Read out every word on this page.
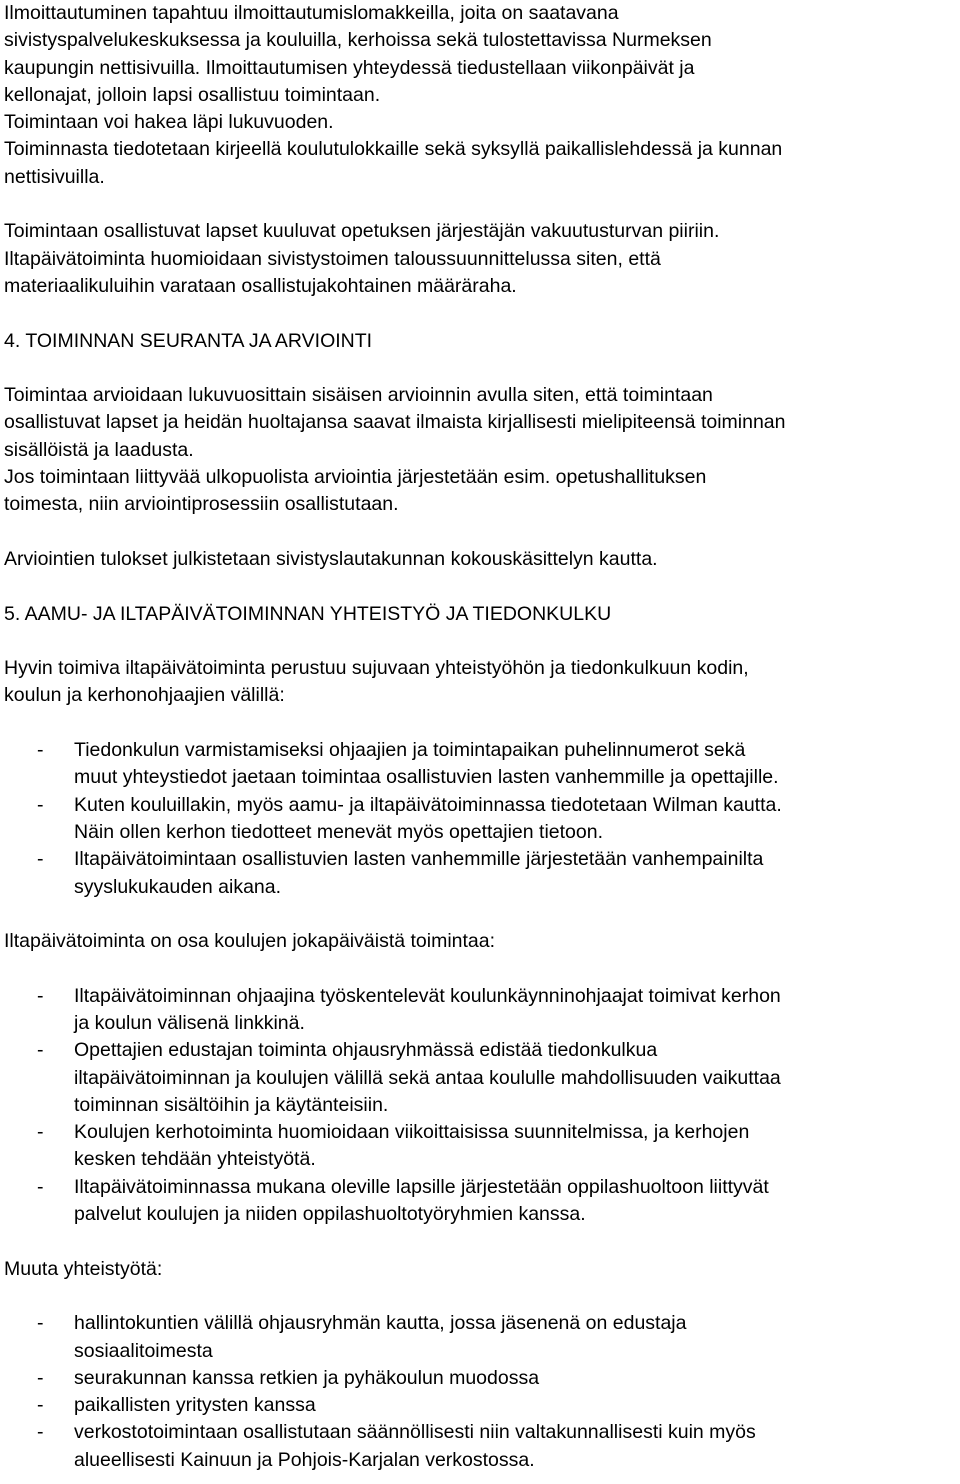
Ilmoittautuminen tapahtuu ilmoittautumislomakkeilla, joita on saatavana
sivistyspalvelukeskuksessa ja kouluilla, kerhoissa sekä tulostettavissa Nurmeksen
kaupungin nettisivuilla. Ilmoittautumisen yhteydessä tiedustellaan viikonpäivät ja
kellonajat, jolloin lapsi osallistuu toimintaan.
Toimintaan voi hakea läpi lukuvuoden.
Toiminnasta tiedotetaan kirjeellä koulutulokkaille sekä syksyllä paikallislehdessä ja kunnan
nettisivuilla.

Toimintaan osallistuvat lapset kuuluvat opetuksen järjestäjän vakuutusturvan piiriin.
Iltapäivätoiminta huomioidaan sivistystoimen taloussuunnittelussa siten, että
materiaalikuluihin varataan osallistujakohtainen määräraha.

4. TOIMINNAN SEURANTA JA ARVIOINTI

Toimintaa arvioidaan lukuvuosittain sisäisen arvioinnin avulla siten, että toimintaan
osallistuvat lapset ja heidän huoltajansa saavat ilmaista kirjallisesti mielipiteensä toiminnan
sisällöistä ja laadusta.
Jos toimintaan liittyvää ulkopuolista arviointia järjestetään esim. opetushallituksen
toimesta, niin arviointiprosessiin osallistutaan.

Arviointien tulokset julkistetaan sivistyslautakunnan kokouskäsittelyn kautta.

5. AAMU- JA ILTAPÄIVÄTOIMINNAN YHTEISTYÖ JA TIEDONKULKU

Hyvin toimiva iltapäivätoiminta perustuu sujuvaan yhteistyöhön ja tiedonkulkuun kodin,
koulun ja kerhonohjaajien välillä:

- Tiedonkulun varmistamiseksi ohjaajien ja toimintapaikan puhelinnumerot sekä
muut yhteystiedot jaetaan toimintaa osallistuvien lasten vanhemmille ja opettajille.
- Kuten kouluillakin, myös aamu- ja iltapäivätoiminnassa tiedotetaan Wilman kautta.
Näin ollen kerhon tiedotteet menevät myös opettajien tietoon.
- Iltapäivätoimintaan osallistuvien lasten vanhemmille järjestetään vanhempainilta
syyslukukauden aikana.

Iltapäivätoiminta on osa koulujen jokapäiväistä toimintaa:

- Iltapäivätoiminnan ohjaajina työskentelevät koulunkäynninohjaajat toimivat kerhon
ja koulun välisenä linkkinä.
- Opettajien edustajan toiminta ohjausryhmässä edistää tiedonkulkua
iltapäivätoiminnan ja koulujen välillä sekä antaa koululle mahdollisuuden vaikuttaa
toiminnan sisältöihin ja käytänteisiin.
- Koulujen kerhotoiminta huomioidaan viikoittaisissa suunnitelmissa, ja kerhojen
kesken tehdään yhteistyötä.
- Iltapäivätoiminnassa mukana oleville lapsille järjestetään oppilashuoltoon liittyvät
palvelut koulujen ja niiden oppilashuoltotyöryhmien kanssa.

Muuta yhteistyötä:

- hallintokuntien välillä ohjausryhmän kautta, jossa jäsenenä on edustaja
sosiaalitoimesta
- seurakunnan kanssa retkien ja pyhäkoulun muodossa
- paikallisten yritysten kanssa
- verkostotoimintaan osallistutaan säännöllisesti niin valtakunnallisesti kuin myös
alueellisesti Kainuun ja Pohjois-Karjalan verkostossa.
